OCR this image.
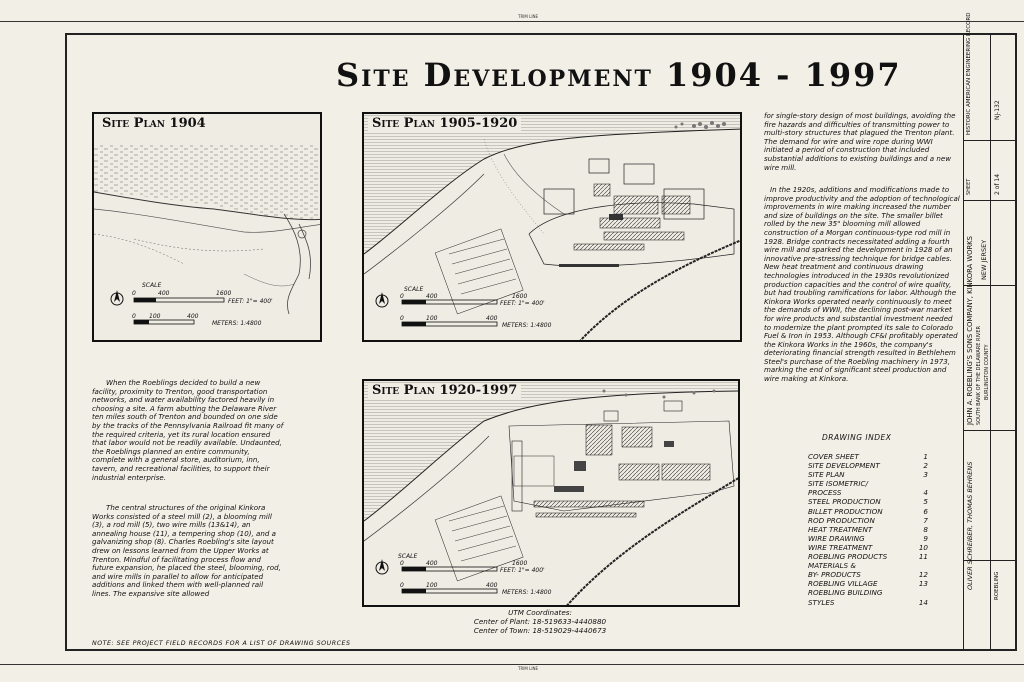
TRIM LINE
TRIM LINE
Site Development 1904 - 1997
Site Plan 1904
SCALE
0	400	1600
FEET: 1"= 400'
0 100	400
METERS: 1:4800
Site Plan 1905-1920
SCALE
0	400	1600
FEET: 1"= 400'
0	100	400
METERS: 1:4800
Site Plan 1920-1997
SCALE
0	400	1600
FEET: 1"= 400'
0	100	400
METERS: 1:4800
When the Roeblings decided to build a new facility, proximity to Trenton, good transportation networks, and water availability factored heavily in choosing a site. A farm abutting the Delaware River ten miles south of Trenton and bounded on one side by the tracks of the Pennsylvania Railroad fit many of the required criteria, yet its rural location ensured that labor would not be readily available. Undaunted, the Roeblings planned an entire community, complete with a general store, auditorium, inn, tavern, and recreational facilities, to support their industrial enterprise.
The central structures of the original Kinkora Works consisted of a steel mill (2), a blooming mill (3), a rod mill (5), two wire mills (13&14), an annealing house (11), a tempering shop (10), and a galvanizing shop (8). Charles Roebling's site layout drew on lessons learned from the Upper Works at Trenton. Mindful of facilitating process flow and future expansion, he placed the steel, blooming, rod, and wire mills in parallel to allow for anticipated additions and linked them with well-planned rail lines. The expansive site allowed
for single-story design of most buildings, avoiding the fire hazards and difficulties of transmitting power to multi-story structures that plagued the Trenton plant. The demand for wire and wire rope during WWI initiated a period of construction that included substantial additions to existing buildings and a new wire mill.
In the 1920s, additions and modifications made to improve productivity and the adoption of technological improvements in wire making increased the number and size of buildings on the site. The smaller billet rolled by the new 35" blooming mill allowed construction of a Morgan continuous-type rod mill in 1928. Bridge contracts necessitated adding a fourth wire mill and sparked the development in 1928 of an innovative pre-stressing technique for bridge cables. New heat treatment and continuous drawing technologies introduced in the 1930s revolutionized production capacities and the control of wire quality, but had troubling ramifications for labor. Although the Kinkora Works operated nearly continuously to meet the demands of WWII, the declining post-war market for wire products and substantial investment needed to modernize the plant prompted its sale to Colorado Fuel & Iron in 1953. Although CF&I profitably operated the Kinkora Works in the 1960s, the company's deteriorating financial strength resulted in Bethlehem Steel's purchase of the Roebling machinery in 1973, marking the end of significant steel production and wire making at Kinkora.
DRAWING INDEX
COVER SHEET	1
SITE DEVELOPMENT	2
SITE PLAN	3
SITE ISOMETRIC/
PROCESS	4
STEEL PRODUCTION	5
BILLET PRODUCTION	6
ROD PRODUCTION	7
HEAT TREATMENT	8
WIRE DRAWING	9
WIRE TREATMENT	10
ROEBLING PRODUCTS	11
MATERIALS &
BY- PRODUCTS	12
ROEBLING VILLAGE	13
ROEBLING BUILDING
STYLES	14
UTM Coordinates:
Center of Plant: 18-519633-4440880
Center of Town: 18-519029-4440673
NOTE: SEE PROJECT FIELD RECORDS FOR A LIST OF DRAWING SOURCES
HISTORIC AMERICAN ENGINEERING RECORD	NJ-132
SHEET	2 of 14
NEW JERSEY
JOHN A. ROEBLING'S SONS COMPANY, KINKORA WORKS SOUTH BANK OF THE DELAWARE RIVER BURLINGTON COUNTY
OLIVER SCHREIBER, THOMAS BEHRENS	ROEBLING
